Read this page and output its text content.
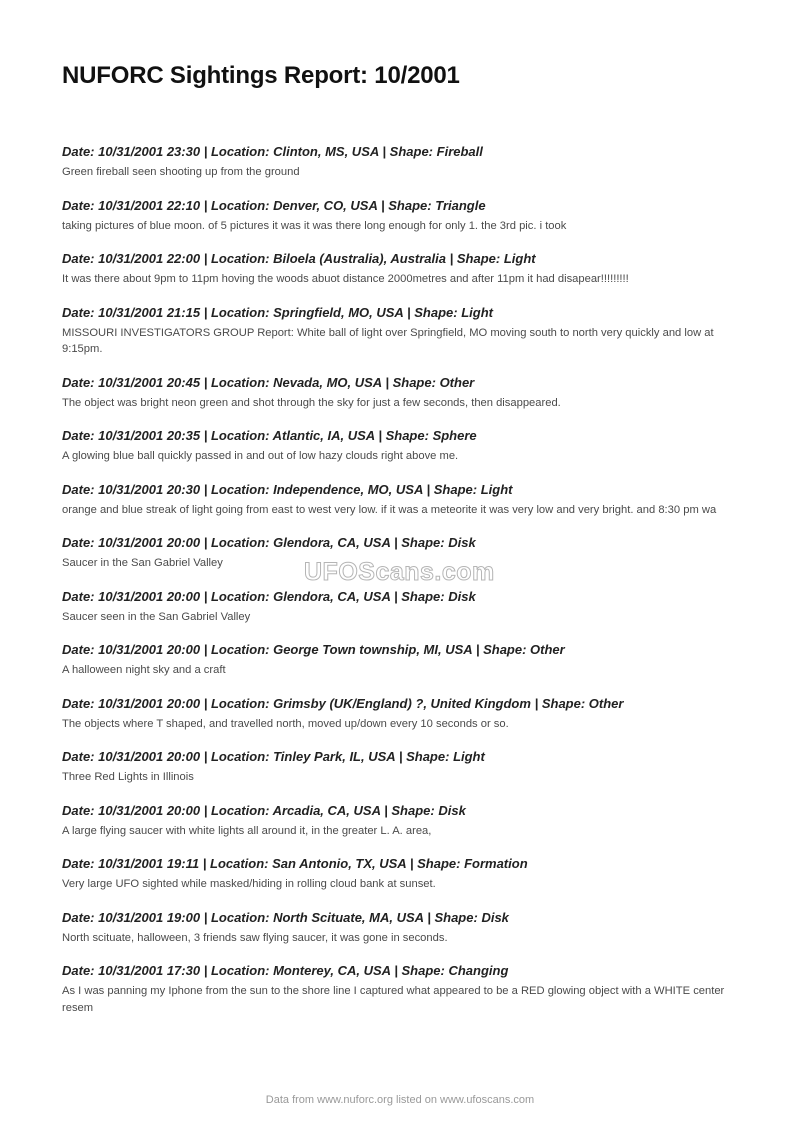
NUFORC Sightings Report: 10/2001
Date: 10/31/2001 23:30 | Location: Clinton, MS, USA | Shape: Fireball
Green fireball seen shooting up from the ground
Date: 10/31/2001 22:10 | Location: Denver, CO, USA | Shape: Triangle
taking pictures of blue moon. of 5 pictures it was it was there long enough for only 1. the 3rd pic. i took
Date: 10/31/2001 22:00 | Location: Biloela (Australia), Australia | Shape: Light
It was there about 9pm to 11pm hoving the woods abuot distance 2000metres and after 11pm it had disapear!!!!!!!!!
Date: 10/31/2001 21:15 | Location: Springfield, MO, USA | Shape: Light
MISSOURI INVESTIGATORS GROUP Report: White ball of light over Springfield, MO moving south to north very quickly and low at 9:15pm.
Date: 10/31/2001 20:45 | Location: Nevada, MO, USA | Shape: Other
The object was bright neon green and shot through the sky for just a few seconds, then disappeared.
Date: 10/31/2001 20:35 | Location: Atlantic, IA, USA | Shape: Sphere
A glowing blue ball quickly passed in and out of low hazy clouds right above me.
Date: 10/31/2001 20:30 | Location: Independence, MO, USA | Shape: Light
orange and blue streak of light going from east to west very low. if it was a meteorite it was very low and very bright. and 8:30 pm wa
Date: 10/31/2001 20:00 | Location: Glendora, CA, USA | Shape: Disk
Saucer in the San Gabriel Valley
Date: 10/31/2001 20:00 | Location: Glendora, CA, USA | Shape: Disk
Saucer seen in the San Gabriel Valley
Date: 10/31/2001 20:00 | Location: George Town township, MI, USA | Shape: Other
A halloween night sky and a craft
Date: 10/31/2001 20:00 | Location: Grimsby (UK/England) ?, United Kingdom | Shape: Other
The objects where T shaped, and travelled north, moved up/down every 10 seconds or so.
Date: 10/31/2001 20:00 | Location: Tinley Park, IL, USA | Shape: Light
Three Red Lights in Illinois
Date: 10/31/2001 20:00 | Location: Arcadia, CA, USA | Shape: Disk
A large flying saucer with white lights all around it, in the greater L. A. area,
Date: 10/31/2001 19:11 | Location: San Antonio, TX, USA | Shape: Formation
Very large UFO sighted while masked/hiding in rolling cloud bank at sunset.
Date: 10/31/2001 19:00 | Location: North Scituate, MA, USA | Shape: Disk
North scituate, halloween, 3 friends saw flying saucer, it was gone in seconds.
Date: 10/31/2001 17:30 | Location: Monterey, CA, USA | Shape: Changing
As I was panning my Iphone from the sun to the shore line I captured what appeared to be a RED glowing object with a WHITE center resem
UFOScans.com
Data from www.nuforc.org listed on www.ufoscans.com
